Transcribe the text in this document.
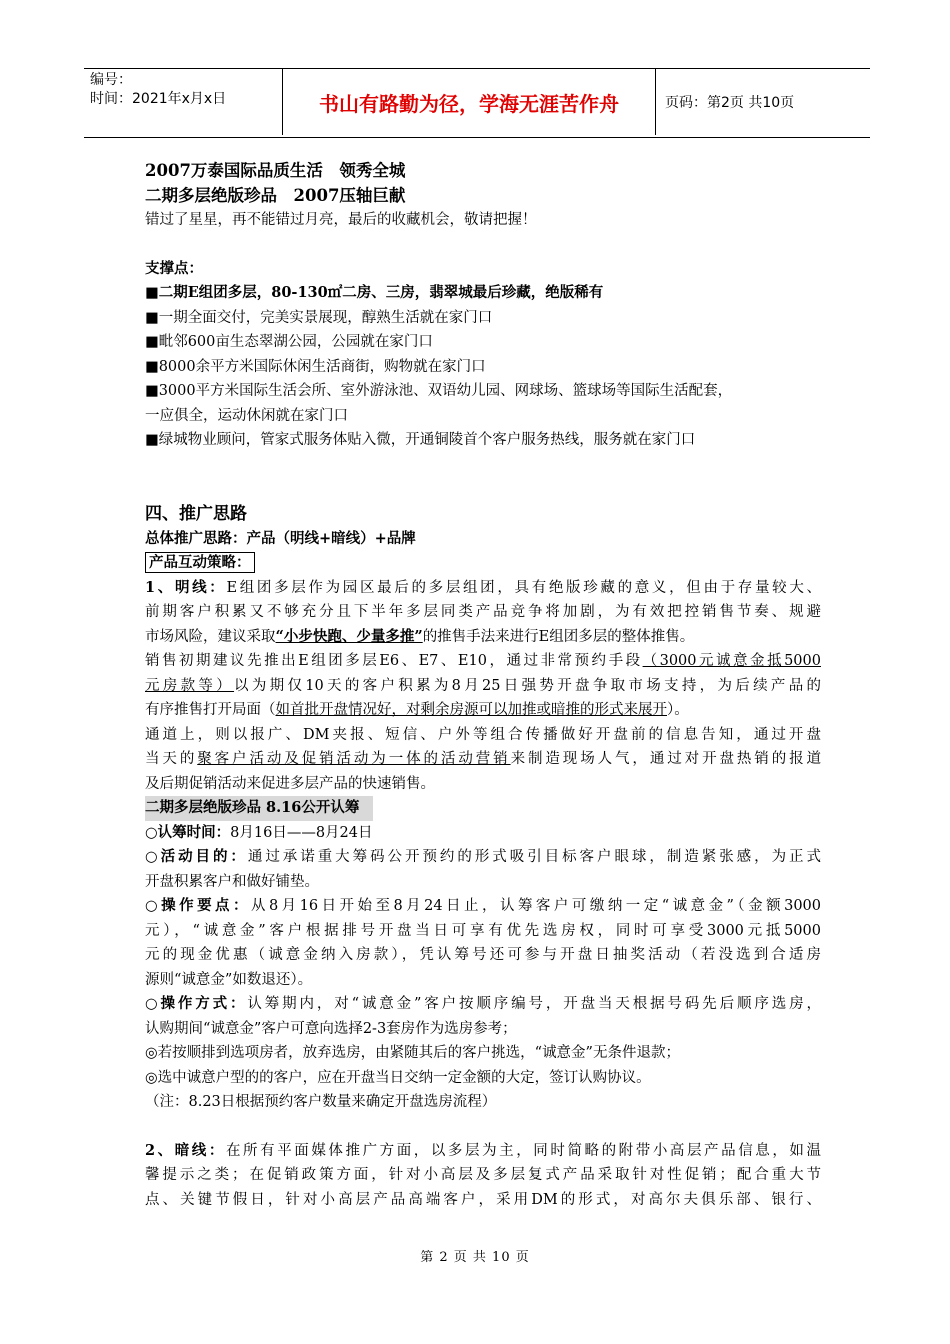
编号：
时间：2021年x月x日	书山有路勤为径，学海无涯苦作舟	页码：第2页 共10页
2007万泰国际品质生活　领秀全城
二期多层绝版珍品　2007压轴巨献
错过了星星，再不能错过月亮，最后的收藏机会，敬请把握！
支撑点：
■二期E组团多层，80-130㎡二房、三房，翡翠城最后珍藏，绝版稀有
■一期全面交付，完美实景展现，醇熟生活就在家门口
■毗邻600亩生态翠湖公园，公园就在家门口
■8000余平方米国际休闲生活商街，购物就在家门口
■3000平方米国际生活会所、室外游泳池、双语幼儿园、网球场、篮球场等国际生活配套，
一应俱全，运动休闲就在家门口
■绿城物业顾问，管家式服务体贴入微，开通铜陵首个客户服务热线，服务就在家门口
四、推广思路
总体推广思路：产品（明线+暗线）+品牌
产品互动策略：
1、明线：E组团多层作为园区最后的多层组团，具有绝版珍藏的意义，但由于存量较大、
前期客户积累又不够充分且下半年多层同类产品竞争将加剧，为有效把控销售节奏、规避
市场风险，建议采取“小步快跑、少量多推”的推售手法来进行E组团多层的整体推售。
销售初期建议先推出E组团多层E6、E7、E10，通过非常预约手段（3000元诚意金抵5000
元房款等）以为期仅10天的客户积累为8月25日强势开盘争取市场支持，为后续产品的
有序推售打开局面（如首批开盘情况好，对剩余房源可以加推或暗推的形式来展开）。
通道上，则以报广、DM夹报、短信、户外等组合传播做好开盘前的信息告知，通过开盘
当天的聚客户活动及促销活动为一体的活动营销来制造现场人气，通过对开盘热销的报道
及后期促销活动来促进多层产品的快速销售。
二期多层绝版珍品 8.16公开认筹
○认筹时间：8月16日——8月24日
○活动目的：通过承诺重大筹码公开预约的形式吸引目标客户眼球，制造紧张感，为正式
开盘积累客户和做好铺垫。
○操作要点：从8月16日开始至8月24日止，认筹客户可缴纳一定“诚意金”（金额3000
元），“诚意金”客户根据排号开盘当日可享有优先选房权，同时可享受3000元抵5000
元的现金优惠（诚意金纳入房款），凭认筹号还可参与开盘日抽奖活动（若没选到合适房
源则“诚意金”如数退还）。
○操作方式：认筹期内，对“诚意金”客户按顺序编号，开盘当天根据号码先后顺序选房，
认购期间“诚意金”客户可意向选择2-3套房作为选房参考；
◎若按顺排到选项房者，放弃选房，由紧随其后的客户挑选，“诚意金”无条件退款；
◎选中诚意户型的的客户，应在开盘当日交纳一定金额的大定，签订认购协议。
（注：8.23日根据预约客户数量来确定开盘选房流程）
2、暗线：在所有平面媒体推广方面，以多层为主，同时简略的附带小高层产品信息，如温
馨提示之类；在促销政策方面，针对小高层及多层复式产品采取针对性促销；配合重大节
点、关键节假日，针对小高层产品高端客户，采用DM的形式，对高尔夫俱乐部、银行、
第 2 页 共 10 页
